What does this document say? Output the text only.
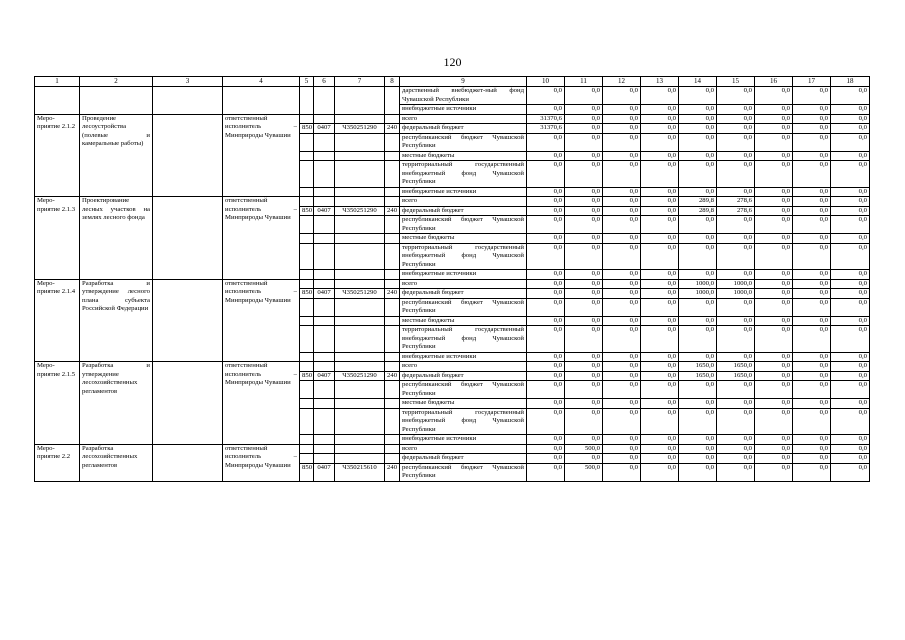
120
1	2	3	4	5	6	7	8	9	10	11	12	13	14	15	16	17	18
								дарственный внебюджет-ный фонд Чувашской Республики	0,0	0,0	0,0	0,0	0,0	0,0	0,0	0,0	0,0
								внебюджетные источники	0,0	0,0	0,0	0,0	0,0	0,0	0,0	0,0	0,0
Меро-приятие 2.1.2	Проведение лесоустройства (полевые и камеральные работы)		ответственный исполнитель – Минприроды Чувашии					всего	31370,6	0,0	0,0	0,0	0,0	0,0	0,0	0,0	0,0
				850	0407	Ч350251290	240	федеральный бюджет	31370,6	0,0	0,0	0,0	0,0	0,0	0,0	0,0	0,0
								республиканский бюджет Чувашской Республики	0,0	0,0	0,0	0,0	0,0	0,0	0,0	0,0	0,0
								местные бюджеты	0,0	0,0	0,0	0,0	0,0	0,0	0,0	0,0	0,0
								территориальный государственный внебюджетный фонд Чувашской Республики	0,0	0,0	0,0	0,0	0,0	0,0	0,0	0,0	0,0
								внебюджетные источники	0,0	0,0	0,0	0,0	0,0	0,0	0,0	0,0	0,0
Меро-приятие 2.1.3	Проектирование лесных участков на землях лесного фонда		ответственный исполнитель – Минприроды Чувашии					всего	0,0	0,0	0,0	0,0	289,8	278,6	0,0	0,0	0,0
				850	0407	Ч350251290	240	федеральный бюджет	0,0	0,0	0,0	0,0	289,8	278,6	0,0	0,0	0,0
								республиканский бюджет Чувашской Республики	0,0	0,0	0,0	0,0	0,0	0,0	0,0	0,0	0,0
								местные бюджеты	0,0	0,0	0,0	0,0	0,0	0,0	0,0	0,0	0,0
								территориальный государственный внебюджетный фонд Чувашской Республики	0,0	0,0	0,0	0,0	0,0	0,0	0,0	0,0	0,0
								внебюджетные источники	0,0	0,0	0,0	0,0	0,0	0,0	0,0	0,0	0,0
Меро-приятие 2.1.4	Разработка и утверждение лесного плана субъекта Российской Федерации		ответственный исполнитель – Минприроды Чувашии					всего	0,0	0,0	0,0	0,0	1000,0	1000,0	0,0	0,0	0,0
				850	0407	Ч350251290	240	федеральный бюджет	0,0	0,0	0,0	0,0	1000,0	1000,0	0,0	0,0	0,0
								республиканский бюджет Чувашской Республики	0,0	0,0	0,0	0,0	0,0	0,0	0,0	0,0	0,0
								местные бюджеты	0,0	0,0	0,0	0,0	0,0	0,0	0,0	0,0	0,0
								территориальный государственный внебюджетный фонд Чувашской Республики	0,0	0,0	0,0	0,0	0,0	0,0	0,0	0,0	0,0
								внебюджетные источники	0,0	0,0	0,0	0,0	0,0	0,0	0,0	0,0	0,0
Меро-приятие 2.1.5	Разработка и утверждение лесохозяйственных регламентов		ответственный исполнитель – Минприроды Чувашии					всего	0,0	0,0	0,0	0,0	1650,0	1650,0	0,0	0,0	0,0
				850	0407	Ч350251290	240	федеральный бюджет	0,0	0,0	0,0	0,0	1650,0	1650,0	0,0	0,0	0,0
								республиканский бюджет Чувашской Республики	0,0	0,0	0,0	0,0	0,0	0,0	0,0	0,0	0,0
								местные бюджеты	0,0	0,0	0,0	0,0	0,0	0,0	0,0	0,0	0,0
								территориальный государственный внебюджетный фонд Чувашской Республики	0,0	0,0	0,0	0,0	0,0	0,0	0,0	0,0	0,0
								внебюджетные источники	0,0	0,0	0,0	0,0	0,0	0,0	0,0	0,0	0,0
Меро-приятие 2.2	Разработка лесохозяйственных регламентов		ответственный исполнитель – Минприроды Чувашии					всего	0,0	500,0	0,0	0,0	0,0	0,0	0,0	0,0	0,0
								федеральный бюджет	0,0	0,0	0,0	0,0	0,0	0,0	0,0	0,0	0,0
				850	0407	Ч350215610	240	республиканский бюджет Чувашской Республики	0,0	500,0	0,0	0,0	0,0	0,0	0,0	0,0	0,0
